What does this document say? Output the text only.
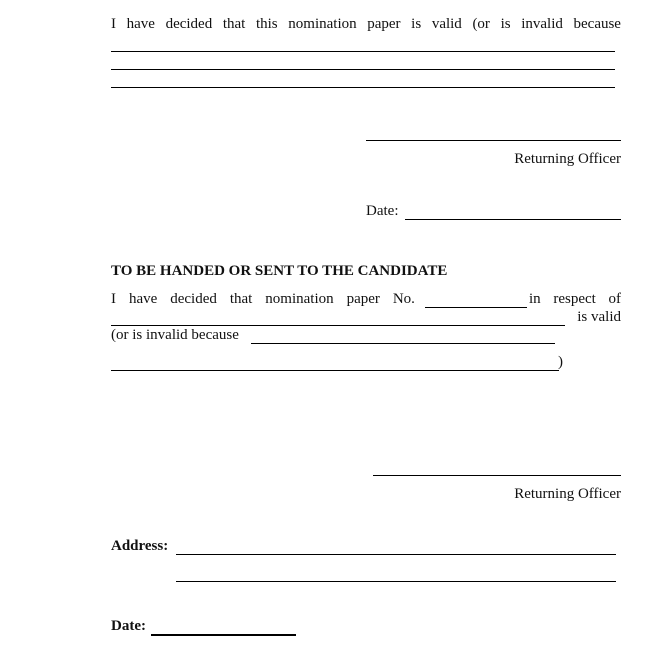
I have decided that this nomination paper is valid (or is invalid because
Returning Officer
Date:
TO BE HANDED OR SENT TO THE CANDIDATE
I have decided that nomination paper No.	in respect of
is valid
(or is invalid because
)
Returning Officer
Address:
Date:
